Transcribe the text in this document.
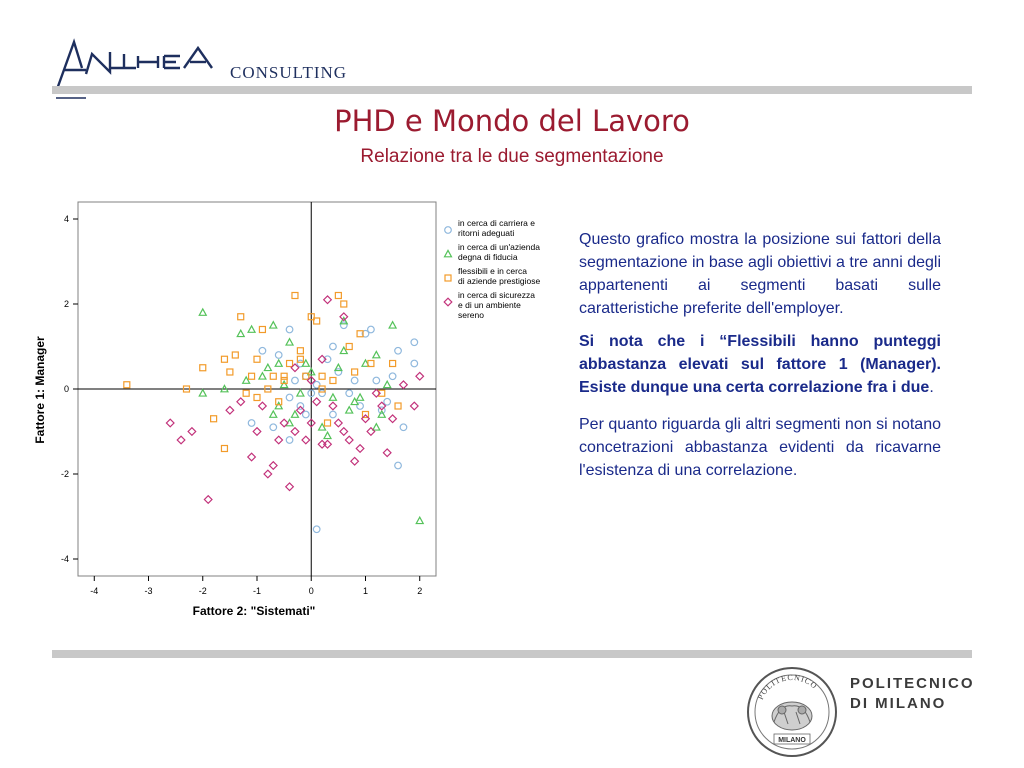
CONSULTING
PHD e Mondo del Lavoro
Relazione tra le due segmentazione
-4	-3	-2	-1	0	1	2
4
2
0
-2
-4
in cerca di carriera e ritorni adeguati
in cerca di un'azienda degna di fiducia
flessibili e in cerca di aziende prestigiose
in cerca di sicurezza e di un ambiente sereno
Fattore 2: "Sistemati"
Fattore 1: Manager

Questo grafico mostra la posizione sui fattori della segmentazione in base agli obiettivi a tre anni degli appartenenti ai segmenti basati sulle caratteristiche preferite dell'employer.

Si nota che i “Flessibili hanno punteggi abbastanza elevati sul fattore 1 (Manager). Esiste dunque una certa correlazione fra i due.

Per quanto riguarda gli altri segmenti non si notano concetrazioni abbastanza evidenti da ricavarne l'esistenza di una correlazione.

POLITECNICO
MILANO
POLITECNICO
DI MILANO
